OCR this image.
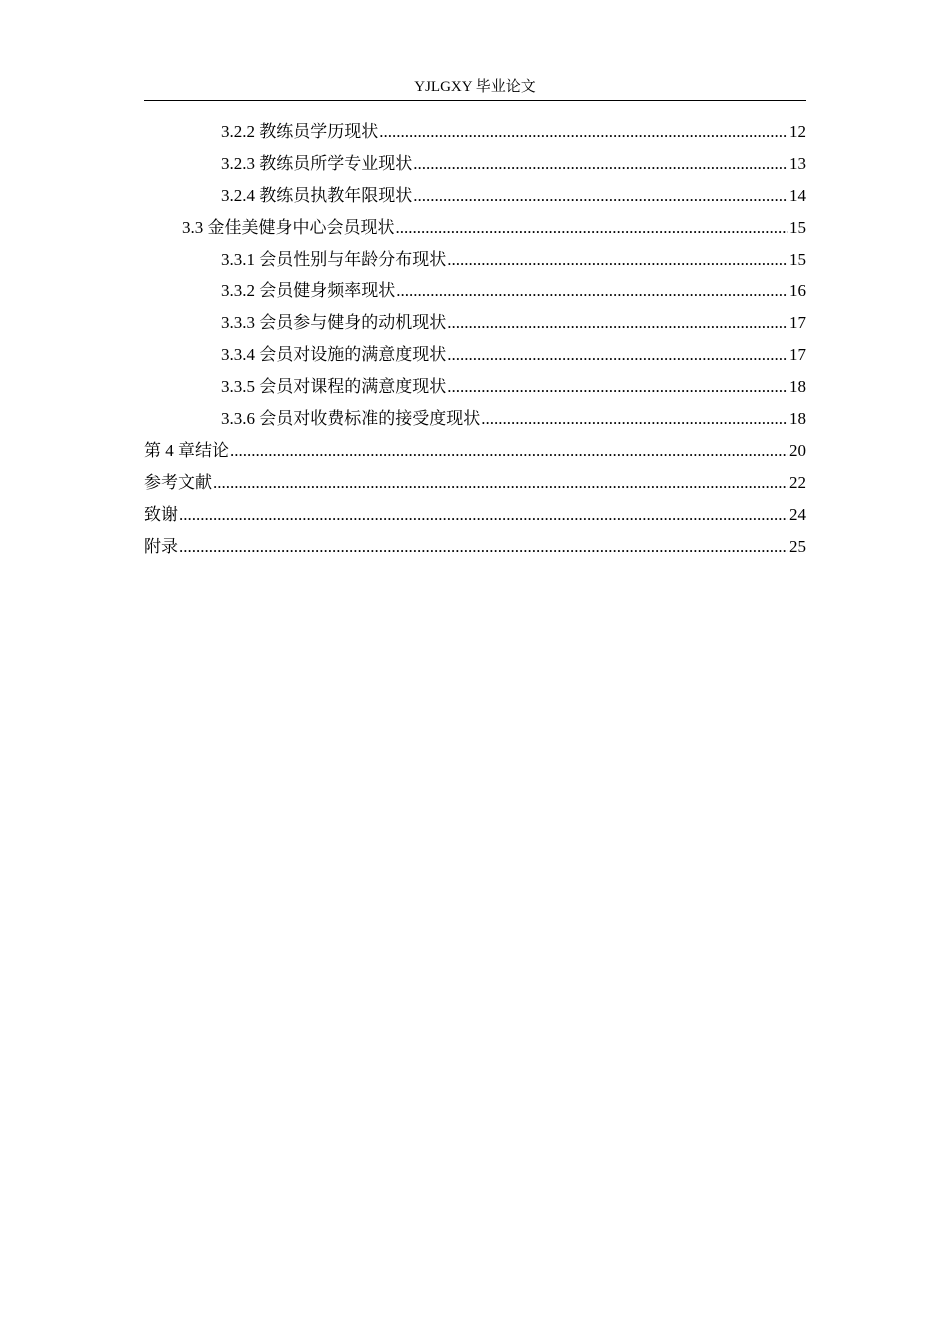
YJLGXY 毕业论文
3.2.2 教练员学历现状 .....	12
3.2.3 教练员所学专业现状 .....	13
3.2.4 教练员执教年限现状 .....	14
3.3 金佳美健身中心会员现状 .....	15
3.3.1 会员性别与年龄分布现状 .....	15
3.3.2 会员健身频率现状 .....	16
3.3.3 会员参与健身的动机现状 .....	17
3.3.4 会员对设施的满意度现状 .....	17
3.3.5 会员对课程的满意度现状 .....	18
3.3.6 会员对收费标准的接受度现状 .....	18
第 4 章结论 .....	20
参考文献 .....	22
致谢 .....	24
附录 .....	25
